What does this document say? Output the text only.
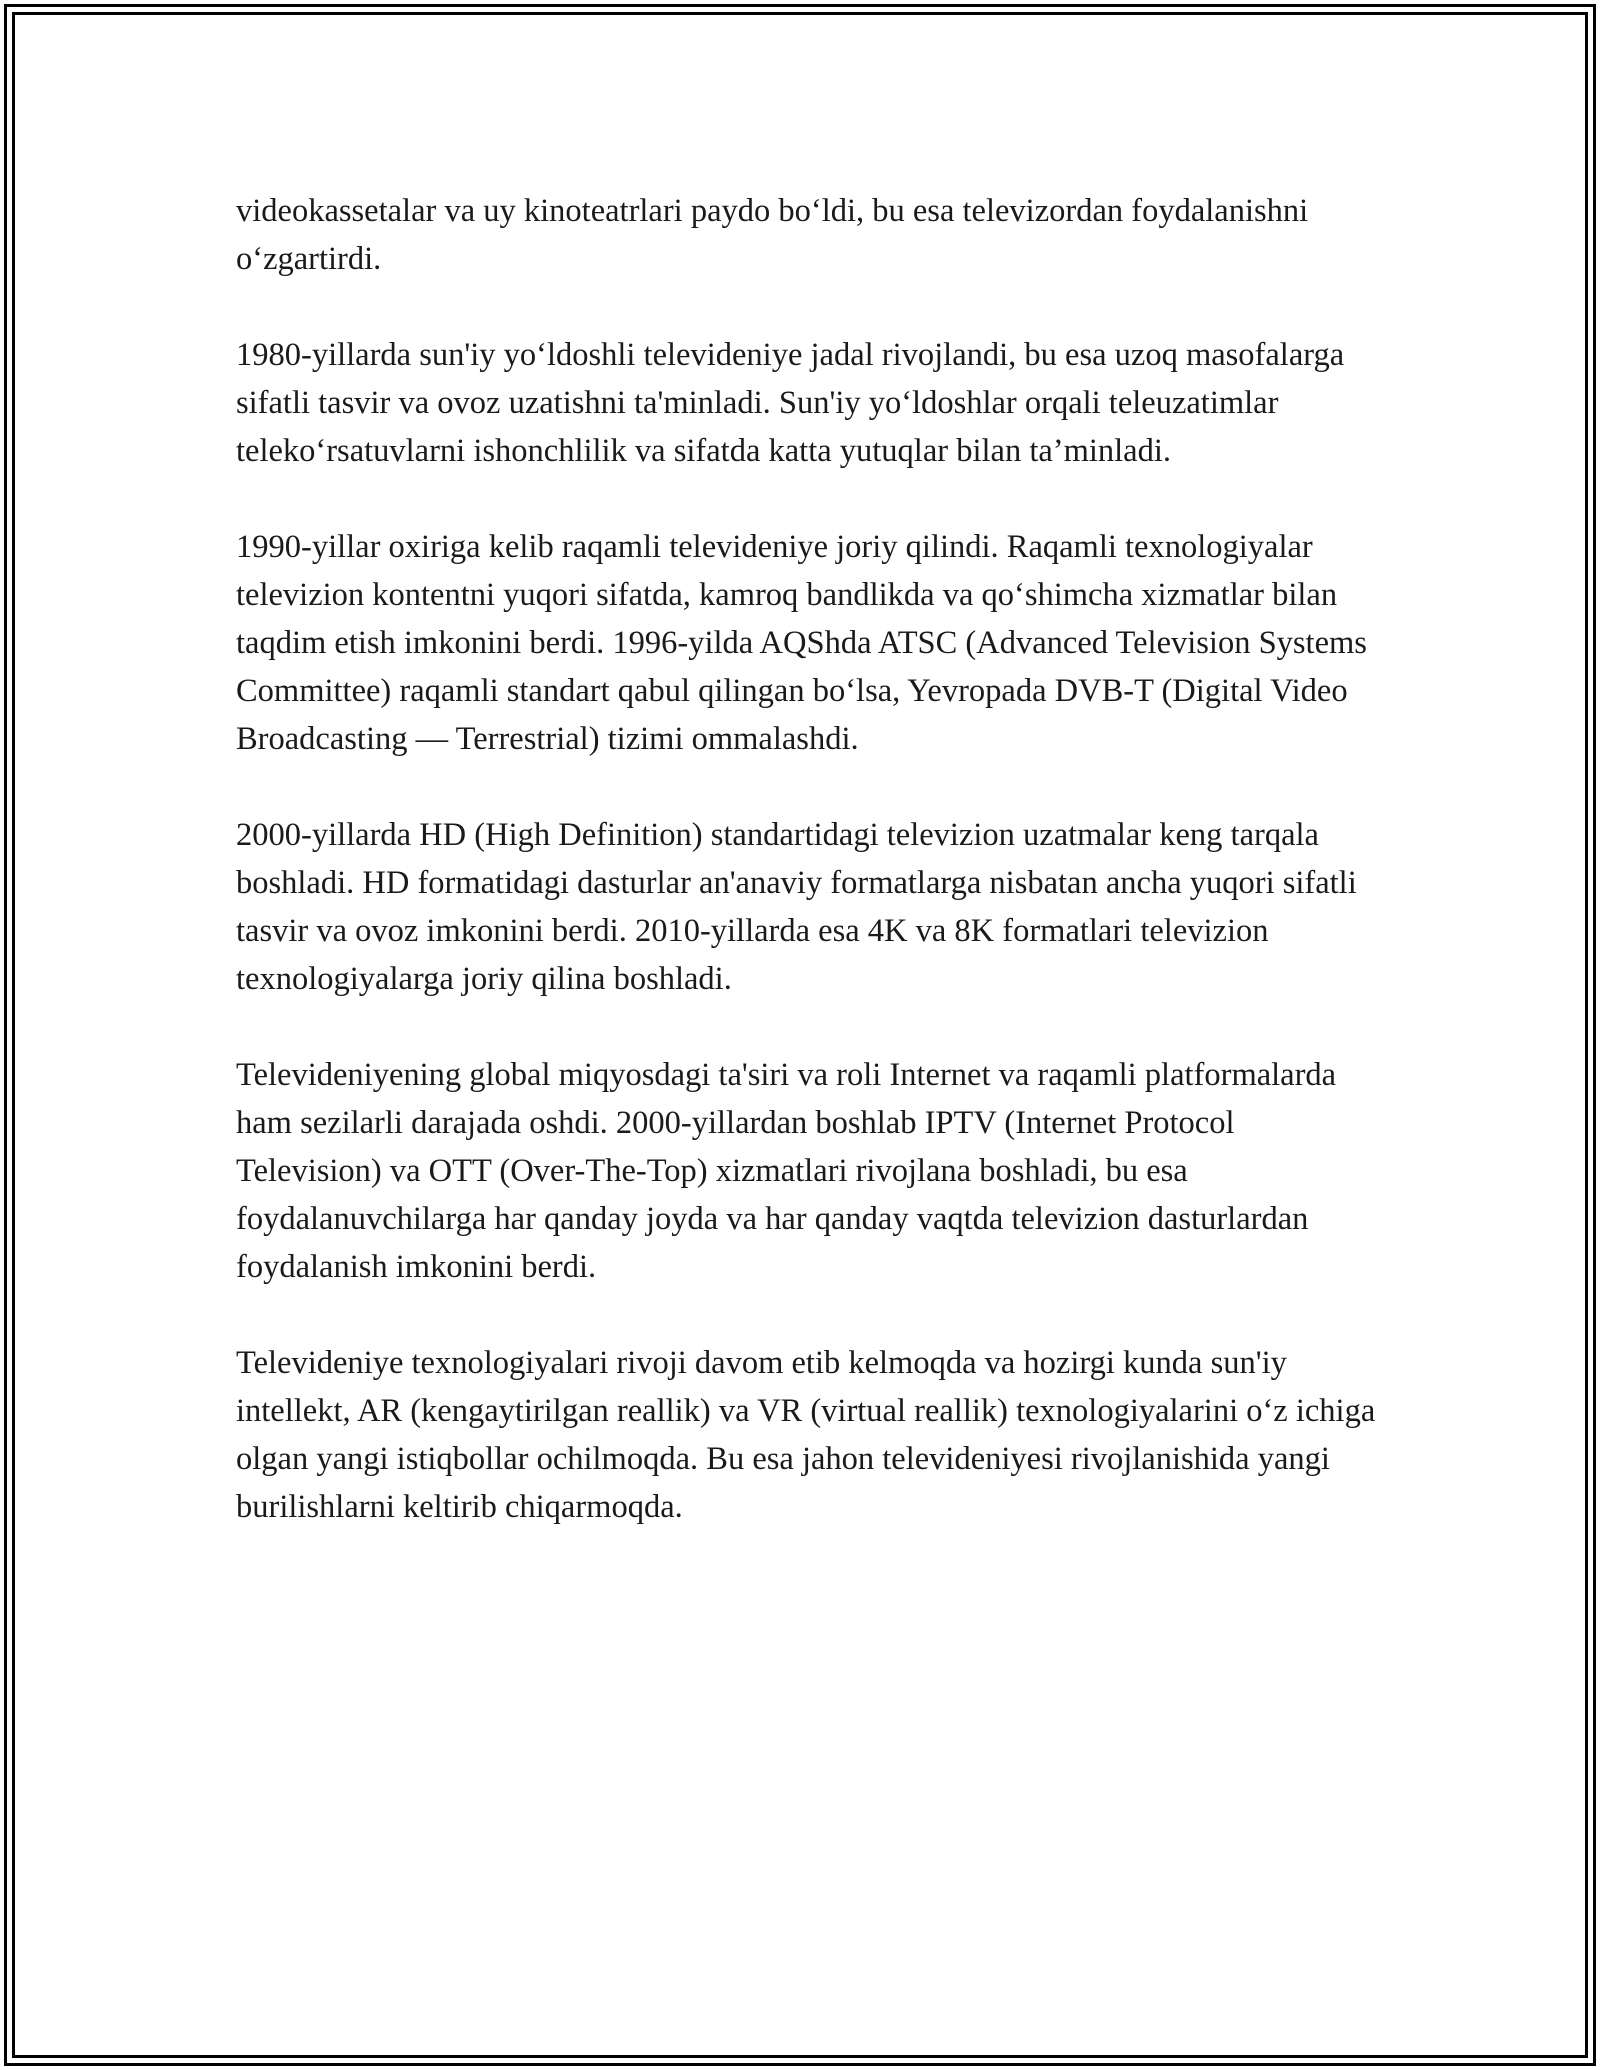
videokassetalar va uy kinoteatrlari paydo bo‘ldi, bu esa televizordan foydalanishni o‘zgartirdi.

1980-yillarda sun'iy yo‘ldoshli televideniye jadal rivojlandi, bu esa uzoq masofalarga sifatli tasvir va ovoz uzatishni ta'minladi. Sun'iy yo‘ldoshlar orqali teleuzatimlar teleko‘rsatuvlarni ishonchlilik va sifatda katta yutuqlar bilan ta’minladi.

1990-yillar oxiriga kelib raqamli televideniye joriy qilindi. Raqamli texnologiyalar televizion kontentni yuqori sifatda, kamroq bandlikda va qo‘shimcha xizmatlar bilan taqdim etish imkonini berdi. 1996-yilda AQShda ATSC (Advanced Television Systems Committee) raqamli standart qabul qilingan bo‘lsa, Yevropada DVB-T (Digital Video Broadcasting — Terrestrial) tizimi ommalashdi.

2000-yillarda HD (High Definition) standartidagi televizion uzatmalar keng tarqala boshladi. HD formatidagi dasturlar an'anaviy formatlarga nisbatan ancha yuqori sifatli tasvir va ovoz imkonini berdi. 2010-yillarda esa 4K va 8K formatlari televizion texnologiyalarga joriy qilina boshladi.

Televideniyening global miqyosdagi ta'siri va roli Internet va raqamli platformalarda ham sezilarli darajada oshdi. 2000-yillardan boshlab IPTV (Internet Protocol Television) va OTT (Over-The-Top) xizmatlari rivojlana boshladi, bu esa foydalanuvchilarga har qanday joyda va har qanday vaqtda televizion dasturlardan foydalanish imkonini berdi.

Televideniye texnologiyalari rivoji davom etib kelmoqda va hozirgi kunda sun'iy intellekt, AR (kengaytirilgan reallik) va VR (virtual reallik) texnologiyalarini o‘z ichiga olgan yangi istiqbollar ochilmoqda. Bu esa jahon televideniyesi rivojlanishida yangi burilishlarni keltirib chiqarmoqda.
